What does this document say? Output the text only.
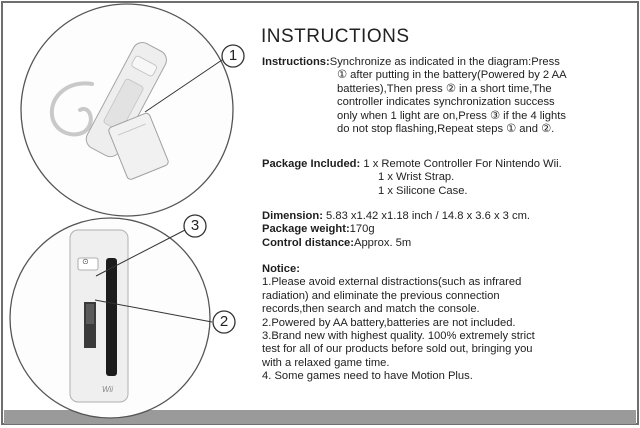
1
3
2
⊙
Wii
INSTRUCTIONS
Instructions:Synchronize as indicated in the diagram:Press
① after putting in the battery(Powered by 2 AA
batteries),Then press ② in a short time,The
controller indicates synchronization success
only when 1 light are on,Press ③ if the 4 lights
do not stop flashing,Repeat steps ① and ②.
Package Included: 1 x Remote Controller For Nintendo Wii.
1 x Wrist Strap.
1 x Silicone Case.
Dimension: 5.83 x1.42 x1.18 inch / 14.8 x 3.6 x 3 cm.
Package weight:170g
Control distance:Approx. 5m
Notice:
1.Please avoid external distractions(such as infrared
radiation) and eliminate the previous connection
records,then search and match the console.
2.Powered by AA battery,batteries are not included.
3.Brand new with highest quality. 100% extremely strict
test for all of our products before sold out, bringing you
with a relaxed game time.
4. Some games need to have Motion Plus.
